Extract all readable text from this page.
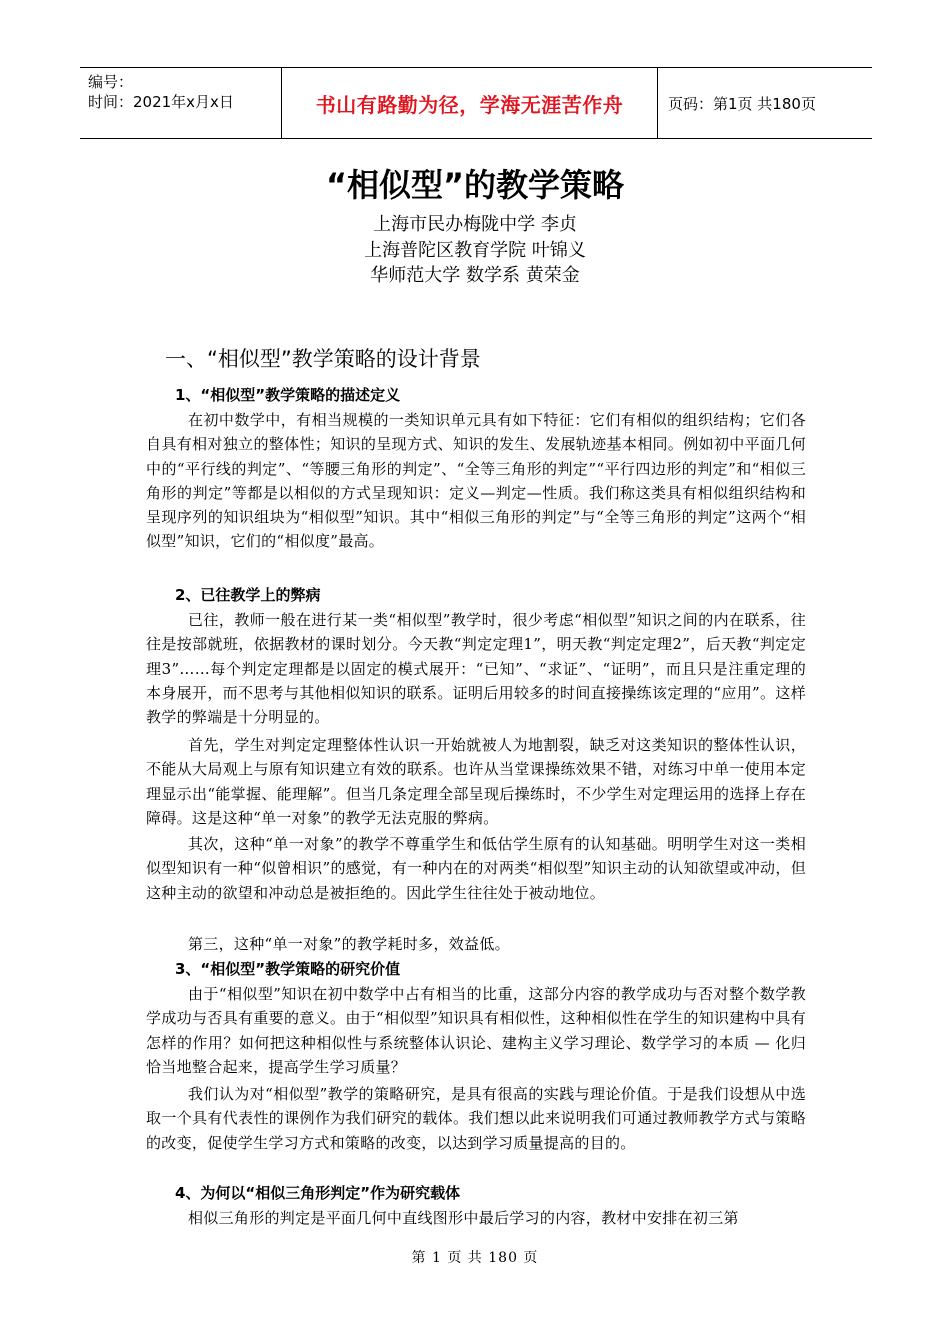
编号：
时间：2021年x月x日	书山有路勤为径，学海无涯苦作舟	页码：第1页 共180页
“相似型”的教学策略
上海市民办梅陇中学 李贞
上海普陀区教育学院 叶锦义
华师范大学 数学系 黄荣金
一、“相似型”教学策略的设计背景
1、“相似型”教学策略的描述定义
在初中数学中，有相当规模的一类知识单元具有如下特征：它们有相似的组织结构；它们各自具有相对独立的整体性；知识的呈现方式、知识的发生、发展轨迹基本相同。例如初中平面几何中的“平行线的判定”、“等腰三角形的判定”、“全等三角形的判定”“平行四边形的判定”和“相似三角形的判定”等都是以相似的方式呈现知识：定义—判定—性质。我们称这类具有相似组织结构和呈现序列的知识组块为“相似型”知识。其中“相似三角形的判定”与“全等三角形的判定”这两个“相似型”知识，它们的“相似度”最高。
2、已往教学上的弊病
已往，教师一般在进行某一类“相似型”教学时，很少考虑“相似型”知识之间的内在联系，往往是按部就班，依据教材的课时划分。今天教“判定定理1”，明天教“判定定理2”，后天教“判定定理3”……每个判定定理都是以固定的模式展开：“已知”、“求证”、“证明”，而且只是注重定理的本身展开，而不思考与其他相似知识的联系。证明后用较多的时间直接操练该定理的“应用”。这样教学的弊端是十分明显的。
首先，学生对判定定理整体性认识一开始就被人为地割裂，缺乏对这类知识的整体性认识，不能从大局观上与原有知识建立有效的联系。也许从当堂课操练效果不错，对练习中单一使用本定理显示出“能掌握、能理解”。但当几条定理全部呈现后操练时，不少学生对定理运用的选择上存在障碍。这是这种“单一对象”的教学无法克服的弊病。
其次，这种“单一对象”的教学不尊重学生和低估学生原有的认知基础。明明学生对这一类相似型知识有一种“似曾相识”的感觉，有一种内在的对两类“相似型”知识主动的认知欲望或冲动，但这种主动的欲望和冲动总是被拒绝的。因此学生往往处于被动地位。
第三，这种“单一对象”的教学耗时多，效益低。
3、“相似型”教学策略的研究价值
由于“相似型”知识在初中数学中占有相当的比重，这部分内容的教学成功与否对整个数学教学成功与否具有重要的意义。由于“相似型”知识具有相似性，这种相似性在学生的知识建构中具有怎样的作用？如何把这种相似性与系统整体认识论、建构主义学习理论、数学学习的本质 — 化归恰当地整合起来，提高学生学习质量？
我们认为对“相似型”教学的策略研究，是具有很高的实践与理论价值。于是我们设想从中选取一个具有代表性的课例作为我们研究的载体。我们想以此来说明我们可通过教师教学方式与策略的改变，促使学生学习方式和策略的改变，以达到学习质量提高的目的。
4、为何以“相似三角形判定”作为研究载体
相似三角形的判定是平面几何中直线图形中最后学习的内容，教材中安排在初三第
第 1 页 共 180 页
